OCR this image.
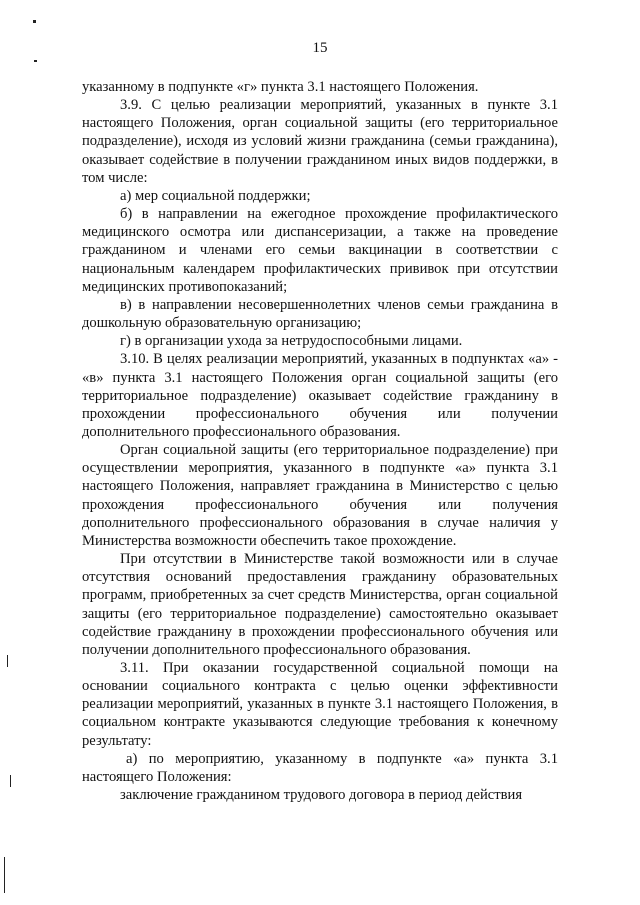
15

указанному в подпункте «г» пункта 3.1 настоящего Положения.

3.9. С целью реализации мероприятий, указанных в пункте 3.1 настоящего Положения, орган социальной защиты (его территориальное подразделение), исходя из условий жизни гражданина (семьи гражданина), оказывает содействие в получении гражданином иных видов поддержки, в том числе:

а) мер социальной поддержки;

б) в направлении на ежегодное прохождение профилактического медицинского осмотра или диспансеризации, а также на проведение гражданином и членами его семьи вакцинации в соответствии с национальным календарем профилактических прививок при отсутствии медицинских противопоказаний;

в) в направлении несовершеннолетних членов семьи гражданина в дошкольную образовательную организацию;

г) в организации ухода за нетрудоспособными лицами.

3.10. В целях реализации мероприятий, указанных в подпунктах «а» - «в» пункта 3.1 настоящего Положения орган социальной защиты (его территориальное подразделение) оказывает содействие гражданину в прохождении профессионального обучения или получении дополнительного профессионального образования.

Орган социальной защиты (его территориальное подразделение) при осуществлении мероприятия, указанного в подпункте «а» пункта 3.1 настоящего Положения, направляет гражданина в Министерство с целью прохождения профессионального обучения или получения дополнительного профессионального образования в случае наличия у Министерства возможности обеспечить такое прохождение.

При отсутствии в Министерстве такой возможности или в случае отсутствия оснований предоставления гражданину образовательных программ, приобретенных за счет средств Министерства, орган социальной защиты (его территориальное подразделение) самостоятельно оказывает содействие гражданину в прохождении профессионального обучения или получении дополнительного профессионального образования.

3.11. При оказании государственной социальной помощи на основании социального контракта с целью оценки эффективности реализации мероприятий, указанных в пункте 3.1 настоящего Положения, в социальном контракте указываются следующие требования к конечному результату:

а) по мероприятию, указанному в подпункте «а» пункта 3.1 настоящего Положения:

заключение гражданином трудового договора в период действия
